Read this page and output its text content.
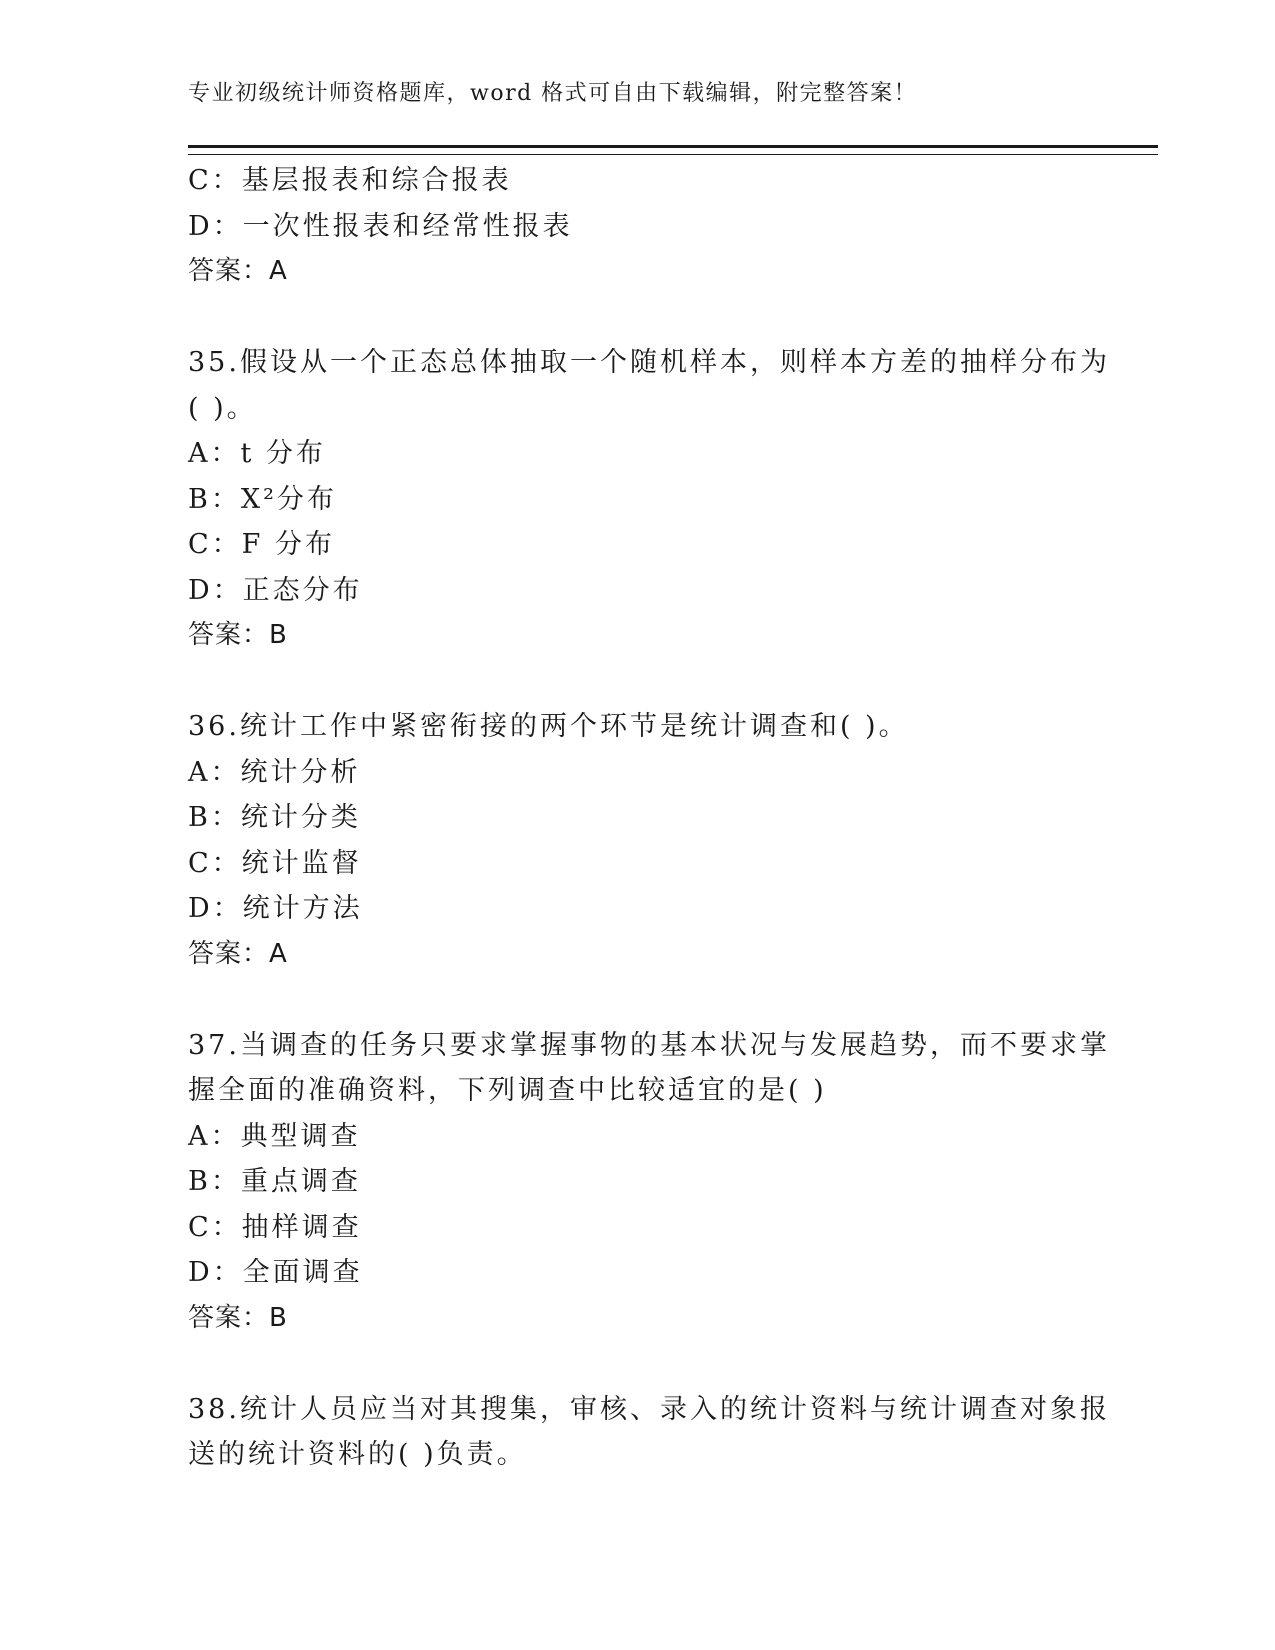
专业初级统计师资格题库，word 格式可自由下载编辑，附完整答案！
C：基层报表和综合报表
D：一次性报表和经常性报表
答案：A
35.假设从一个正态总体抽取一个随机样本，则样本方差的抽样分布为
( )。
A：t 分布
B：X²分布
C：F 分布
D：正态分布
答案：B
36.统计工作中紧密衔接的两个环节是统计调查和( )。
A：统计分析
B：统计分类
C：统计监督
D：统计方法
答案：A
37.当调查的任务只要求掌握事物的基本状况与发展趋势，而不要求掌
握全面的准确资料，下列调查中比较适宜的是( )
A：典型调查
B：重点调查
C：抽样调查
D：全面调查
答案：B
38.统计人员应当对其搜集，审核、录入的统计资料与统计调查对象报
送的统计资料的( )负责。
